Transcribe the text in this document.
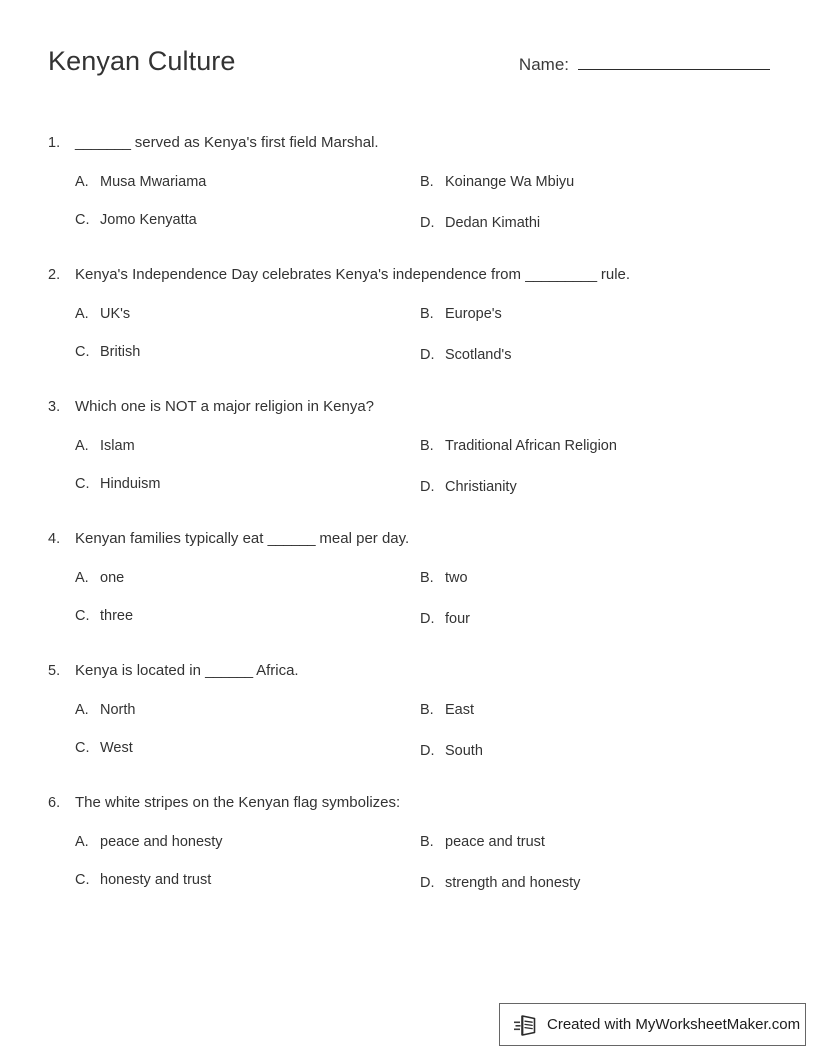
Kenyan Culture	Name:
1. _______ served as Kenya's first field Marshal.
A. Musa Mwariama	B. Koinange Wa Mbiyu
C. Jomo Kenyatta	D. Dedan Kimathi
2. Kenya's Independence Day celebrates Kenya's independence from _________ rule.
A. UK's	B. Europe's
C. British	D. Scotland's
3. Which one is NOT a major religion in Kenya?
A. Islam	B. Traditional African Religion
C. Hinduism	D. Christianity
4. Kenyan families typically eat ______ meal per day.
A. one	B. two
C. three	D. four
5. Kenya is located in ______ Africa.
A. North	B. East
C. West	D. South
6. The white stripes on the Kenyan flag symbolizes:
A. peace and honesty	B. peace and trust
C. honesty and trust	D. strength and honesty
Created with MyWorksheetMaker.com
